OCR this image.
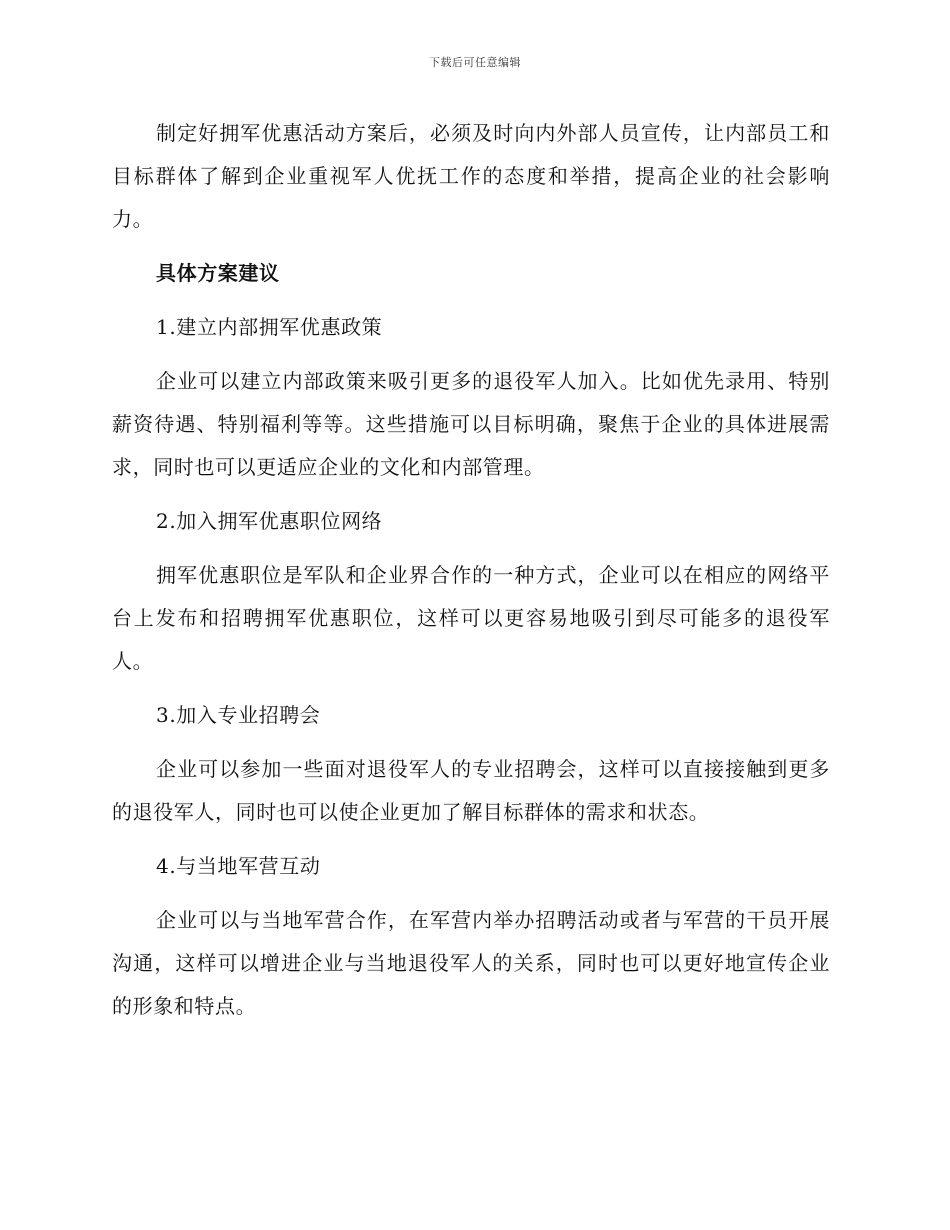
下载后可任意编辑

制定好拥军优惠活动方案后，必须及时向内外部人员宣传，让内部员工和目标群体了解到企业重视军人优抚工作的态度和举措，提高企业的社会影响力。

具体方案建议

1.建立内部拥军优惠政策

企业可以建立内部政策来吸引更多的退役军人加入。比如优先录用、特别薪资待遇、特别福利等等。这些措施可以目标明确，聚焦于企业的具体进展需求，同时也可以更适应企业的文化和内部管理。

2.加入拥军优惠职位网络

拥军优惠职位是军队和企业界合作的一种方式，企业可以在相应的网络平台上发布和招聘拥军优惠职位，这样可以更容易地吸引到尽可能多的退役军人。

3.加入专业招聘会

企业可以参加一些面对退役军人的专业招聘会，这样可以直接接触到更多的退役军人，同时也可以使企业更加了解目标群体的需求和状态。

4.与当地军营互动

企业可以与当地军营合作，在军营内举办招聘活动或者与军营的干员开展沟通，这样可以增进企业与当地退役军人的关系，同时也可以更好地宣传企业的形象和特点。
